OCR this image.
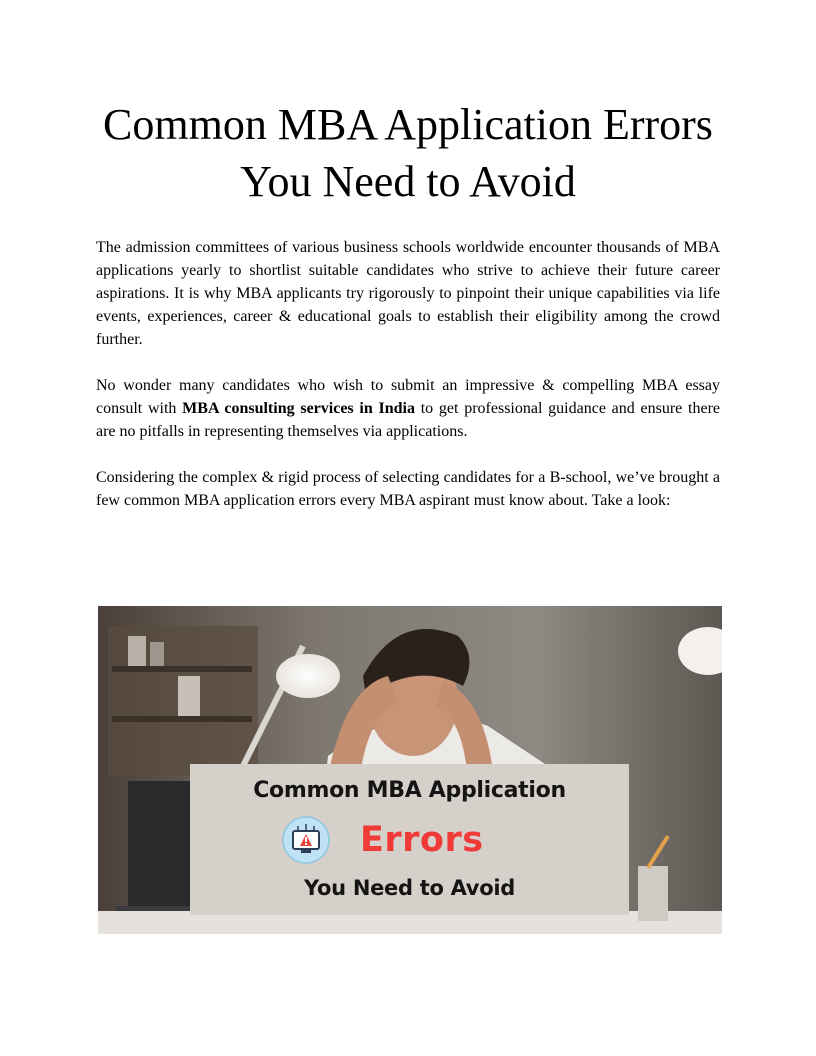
Common MBA Application Errors
You Need to Avoid

The admission committees of various business schools worldwide encounter thousands of MBA applications yearly to shortlist suitable candidates who strive to achieve their future career aspirations. It is why MBA applicants try rigorously to pinpoint their unique capabilities via life events, experiences, career & educational goals to establish their eligibility among the crowd further.

No wonder many candidates who wish to submit an impressive & compelling MBA essay consult with MBA consulting services in India to get professional guidance and ensure there are no pitfalls in representing themselves via applications.

Considering the complex & rigid process of selecting candidates for a B-school, we’ve brought a few common MBA application errors every MBA aspirant must know about. Take a look:

Common MBA Application
Errors
You Need to Avoid
